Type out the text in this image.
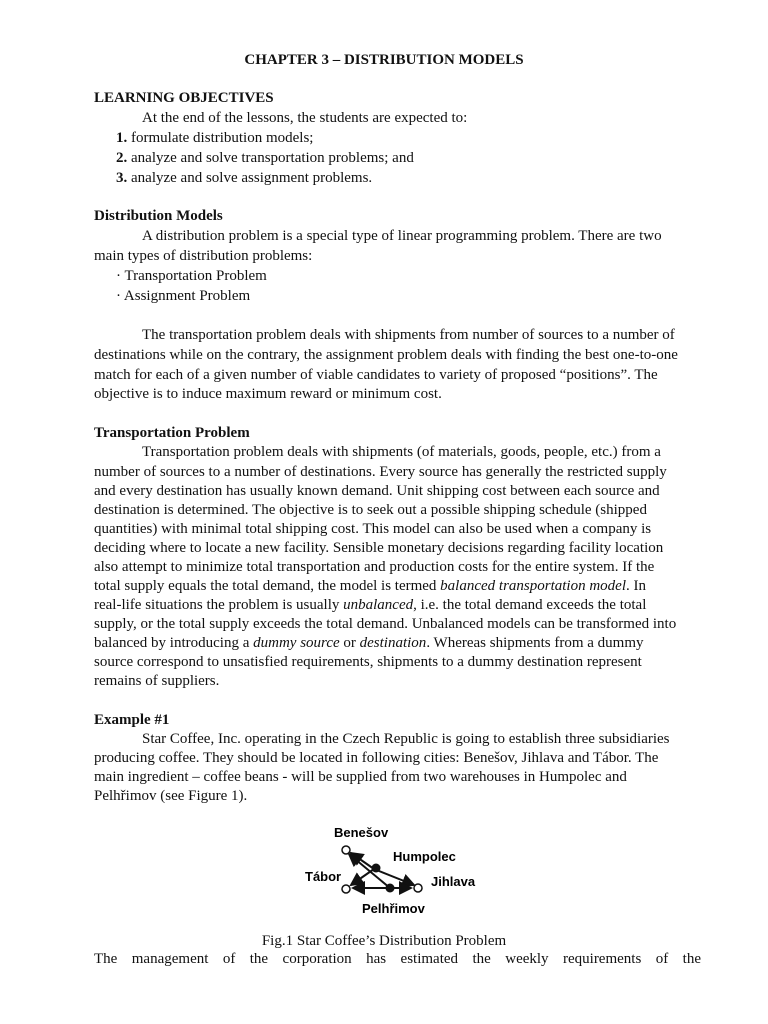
CHAPTER 3 – DISTRIBUTION MODELS
LEARNING OBJECTIVES
At the end of the lessons, the students are expected to:
1. formulate distribution models;
2. analyze and solve transportation problems; and
3. analyze and solve assignment problems.
Distribution Models
A distribution problem is a special type of linear programming problem. There are two
main types of distribution problems:
· Transportation Problem
· Assignment Problem
The transportation problem deals with shipments from number of sources to a number of
destinations while on the contrary, the assignment problem deals with finding the best one-to-one
match for each of a given number of viable candidates to variety of proposed “positions”. The
objective is to induce maximum reward or minimum cost.
Transportation Problem
Transportation problem deals with shipments (of materials, goods, people, etc.) from a
number of sources to a number of destinations. Every source has generally the restricted supply
and every destination has usually known demand. Unit shipping cost between each source and
destination is determined. The objective is to seek out a possible shipping schedule (shipped
quantities) with minimal total shipping cost. This model can also be used when a company is
deciding where to locate a new facility. Sensible monetary decisions regarding facility location
also attempt to minimize total transportation and production costs for the entire system. If the
total supply equals the total demand, the model is termed balanced transportation model. In
real-life situations the problem is usually unbalanced, i.e. the total demand exceeds the total
supply, or the total supply exceeds the total demand. Unbalanced models can be transformed into
balanced by introducing a dummy source or destination. Whereas shipments from a dummy
source correspond to unsatisfied requirements, shipments to a dummy destination represent
remains of suppliers.
Example #1
Star Coffee, Inc. operating in the Czech Republic is going to establish three subsidiaries
producing coffee. They should be located in following cities: Benešov, Jihlava and Tábor. The
main ingredient – coffee beans - will be supplied from two warehouses in Humpolec and
Pelhřimov (see Figure 1).
Benešov
Humpolec
Tábor	Jihlava
Pelhřimov
Fig.1 Star Coffee’s Distribution Problem
The management of the corporation has estimated the weekly requirements of the
